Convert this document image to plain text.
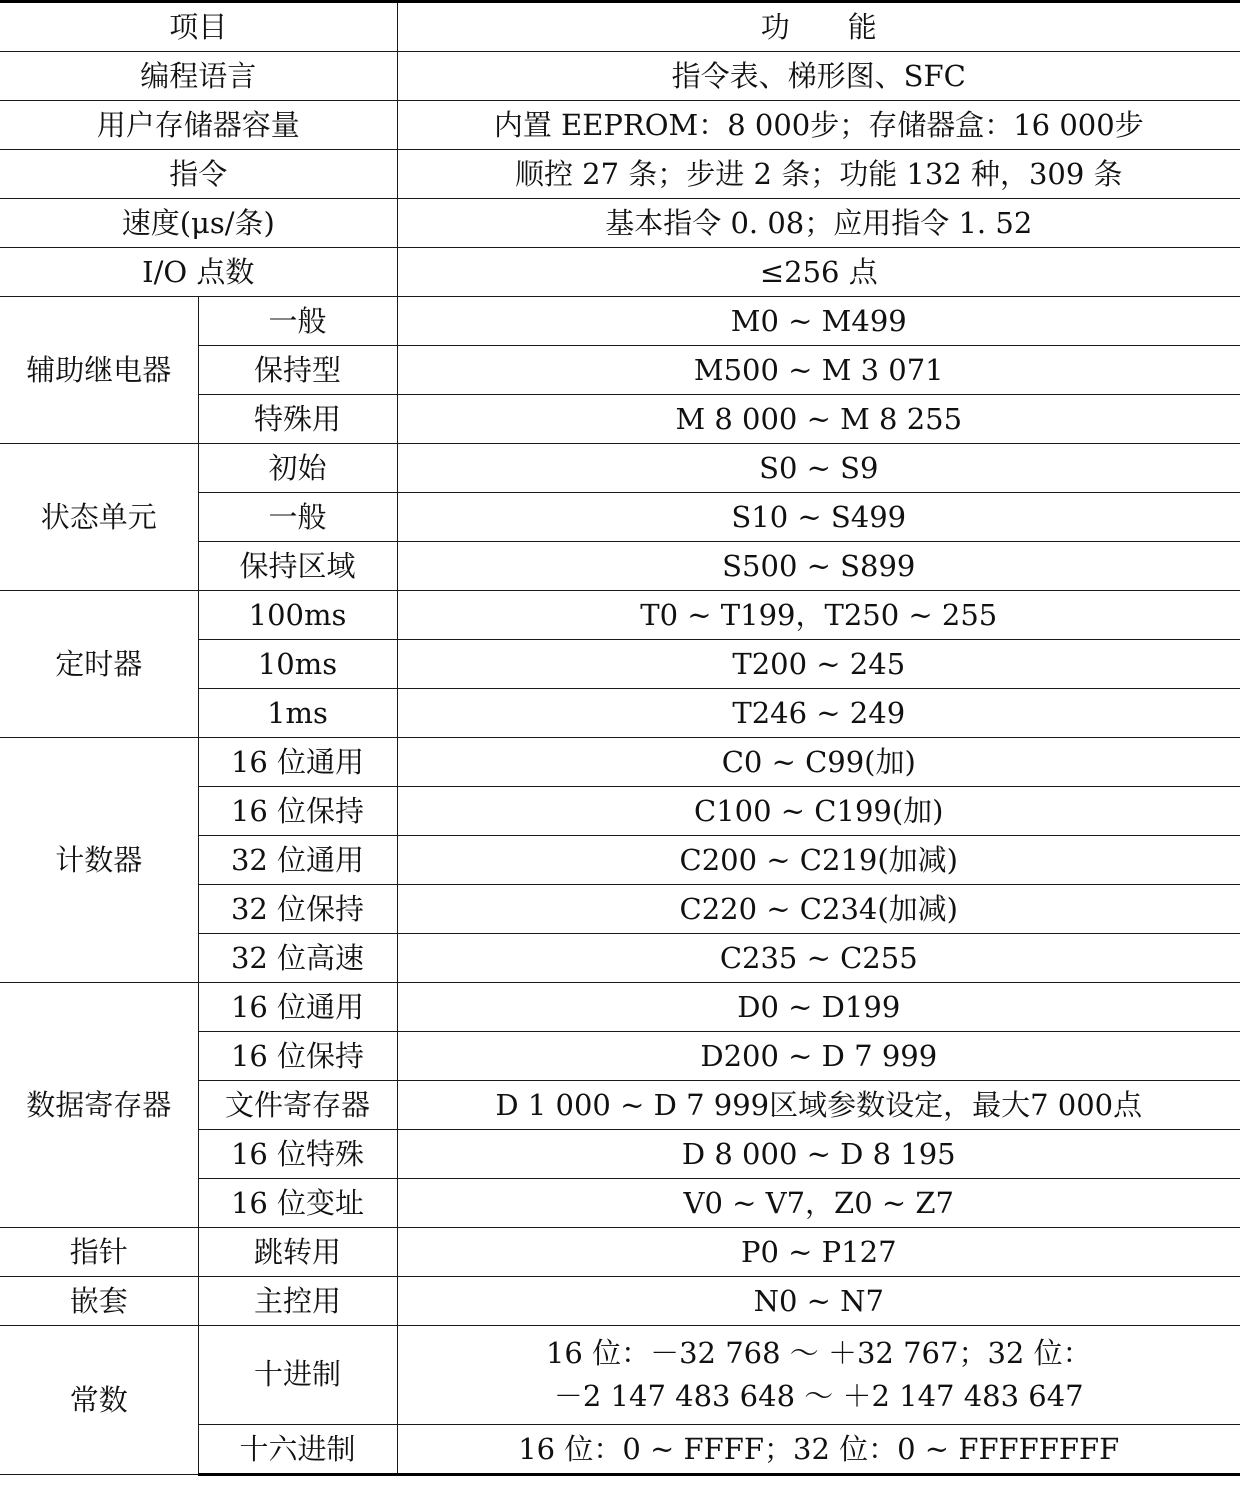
项目		功　　能
编程语言		指令表、梯形图、SFC
用户存储器容量		内置 EEPROM：8 000步；存储器盒：16 000步
指令		顺控 27 条；步进 2 条；功能 132 种，309 条
速度(μs/条)		基本指令 0. 08；应用指令 1. 52
I/O 点数		≤256 点
辅助继电器	一般	M0 ~ M499
	保持型	M500 ~ M 3 071
	特殊用	M 8 000 ~ M 8 255
状态单元	初始	S0 ~ S9
	一般	S10 ~ S499
	保持区域	S500 ~ S899
定时器	100ms	T0 ~ T199，T250 ~ 255
	10ms	T200 ~ 245
	1ms	T246 ~ 249
计数器	16 位通用	C0 ~ C99(加)
	16 位保持	C100 ~ C199(加)
	32 位通用	C200 ~ C219(加减)
	32 位保持	C220 ~ C234(加减)
	32 位高速	C235 ~ C255
数据寄存器	16 位通用	D0 ~ D199
	16 位保持	D200 ~ D 7 999
	文件寄存器	D 1 000 ~ D 7 999区域参数设定，最大7 000点
	16 位特殊	D 8 000 ~ D 8 195
	16 位变址	V0 ~ V7，Z0 ~ Z7
指针	跳转用	P0 ~ P127
嵌套	主控用	N0 ~ N7
常数	十进制	16 位：－32 768 ～ ＋32 767；32 位：
－2 147 483 648 ～ ＋2 147 483 647

	十六进制	16 位：0 ~ FFFF；32 位：0 ~ FFFFFFFF
